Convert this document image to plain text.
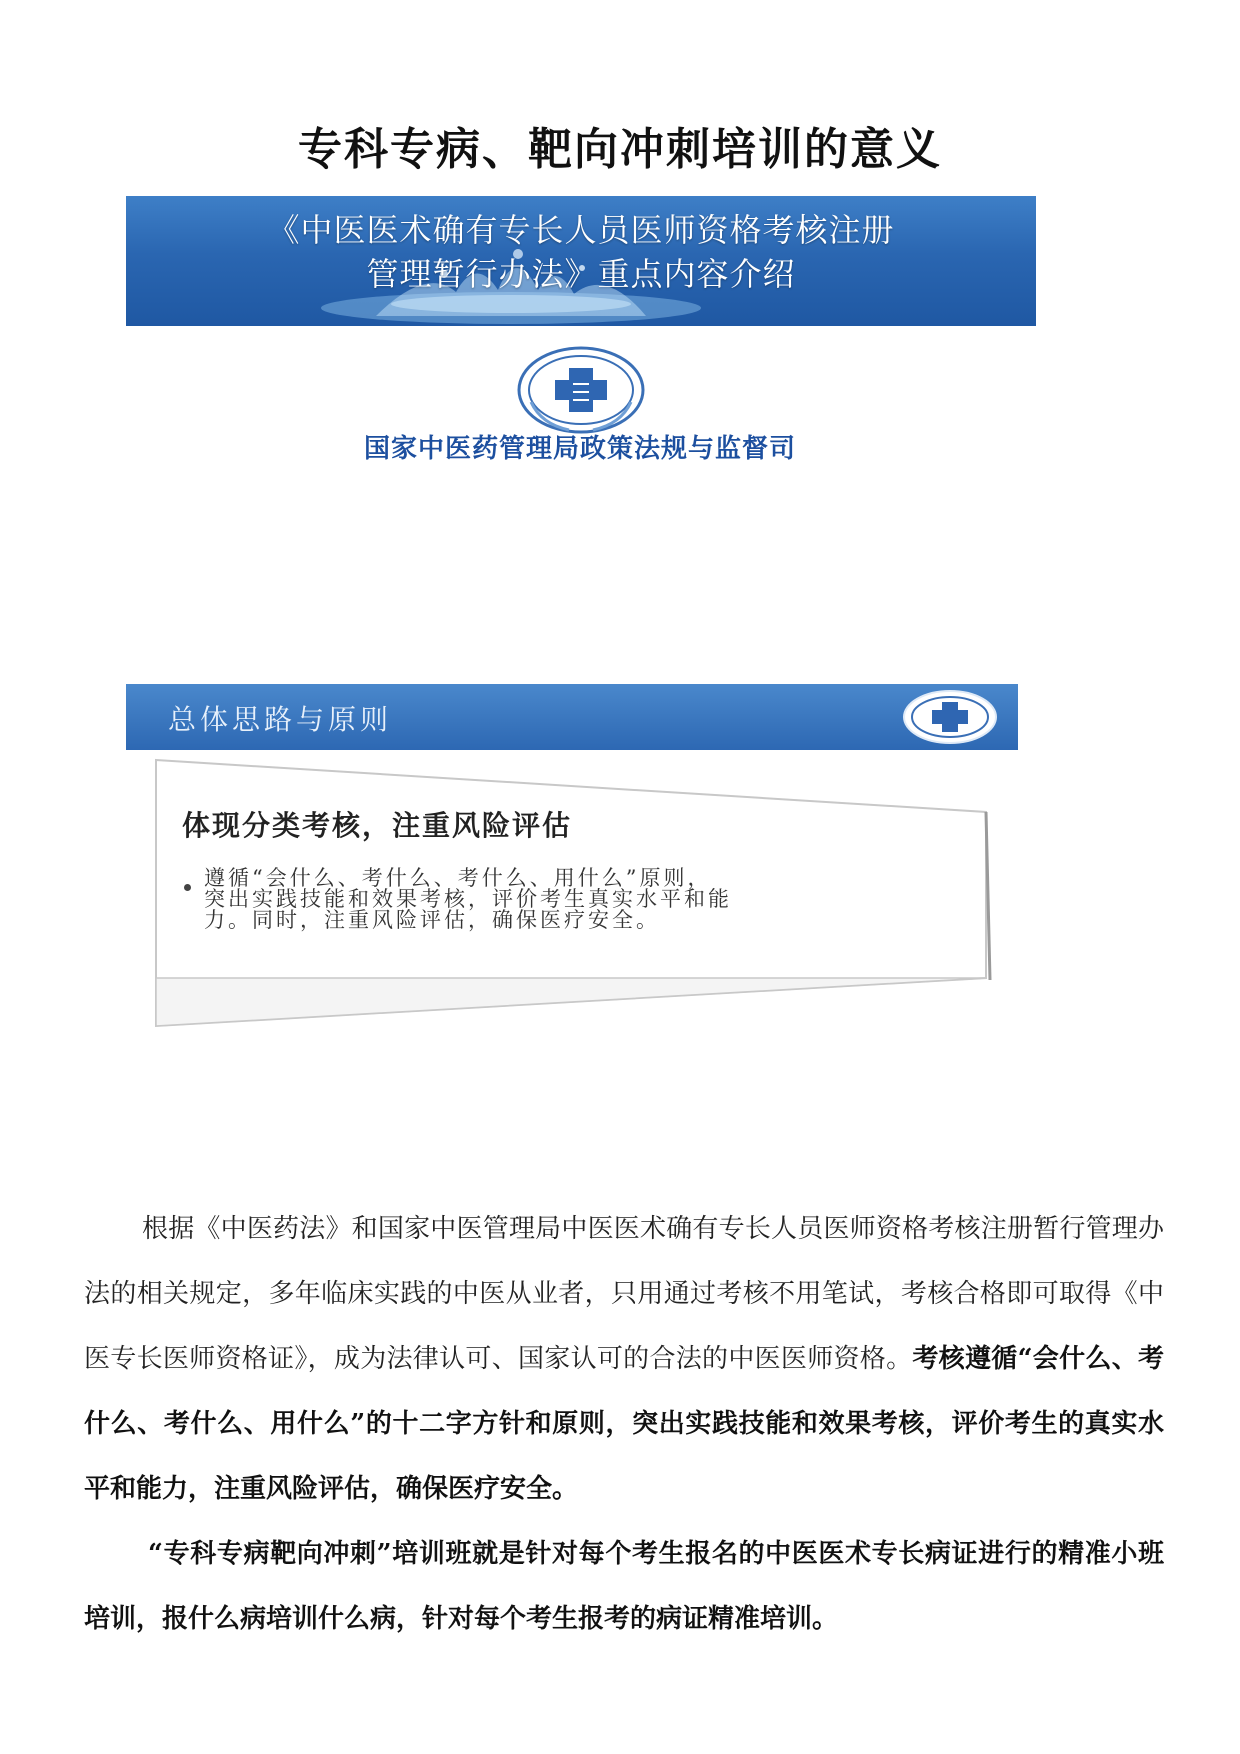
专科专病、靶向冲刺培训的意义
《中医医术确有专长人员医师资格考核注册
管理暂行办法》重点内容介绍
国家中医药管理局政策法规与监督司
总体思路与原则
体现分类考核，注重风险评估
遵循“会什么、考什么、考什么、用什么”原则，
突出实践技能和效果考核，评价考生真实水平和能
力。同时，注重风险评估，确保医疗安全。

根据《中医药法》和国家中医管理局中医医术确有专长人员医师资格考核注册暂行管理办法的相关规定，多年临床实践的中医从业者，只用通过考核不用笔试，考核合格即可取得《中医专长医师资格证》，成为法律认可、国家认可的合法的中医医师资格。考核遵循“会什么、考什么、考什么、用什么”的十二字方针和原则，突出实践技能和效果考核，评价考生的真实水平和能力，注重风险评估，确保医疗安全。

“专科专病靶向冲刺”培训班就是针对每个考生报名的中医医术专长病证进行的精准小班培训，报什么病培训什么病，针对每个考生报考的病证精准培训。
